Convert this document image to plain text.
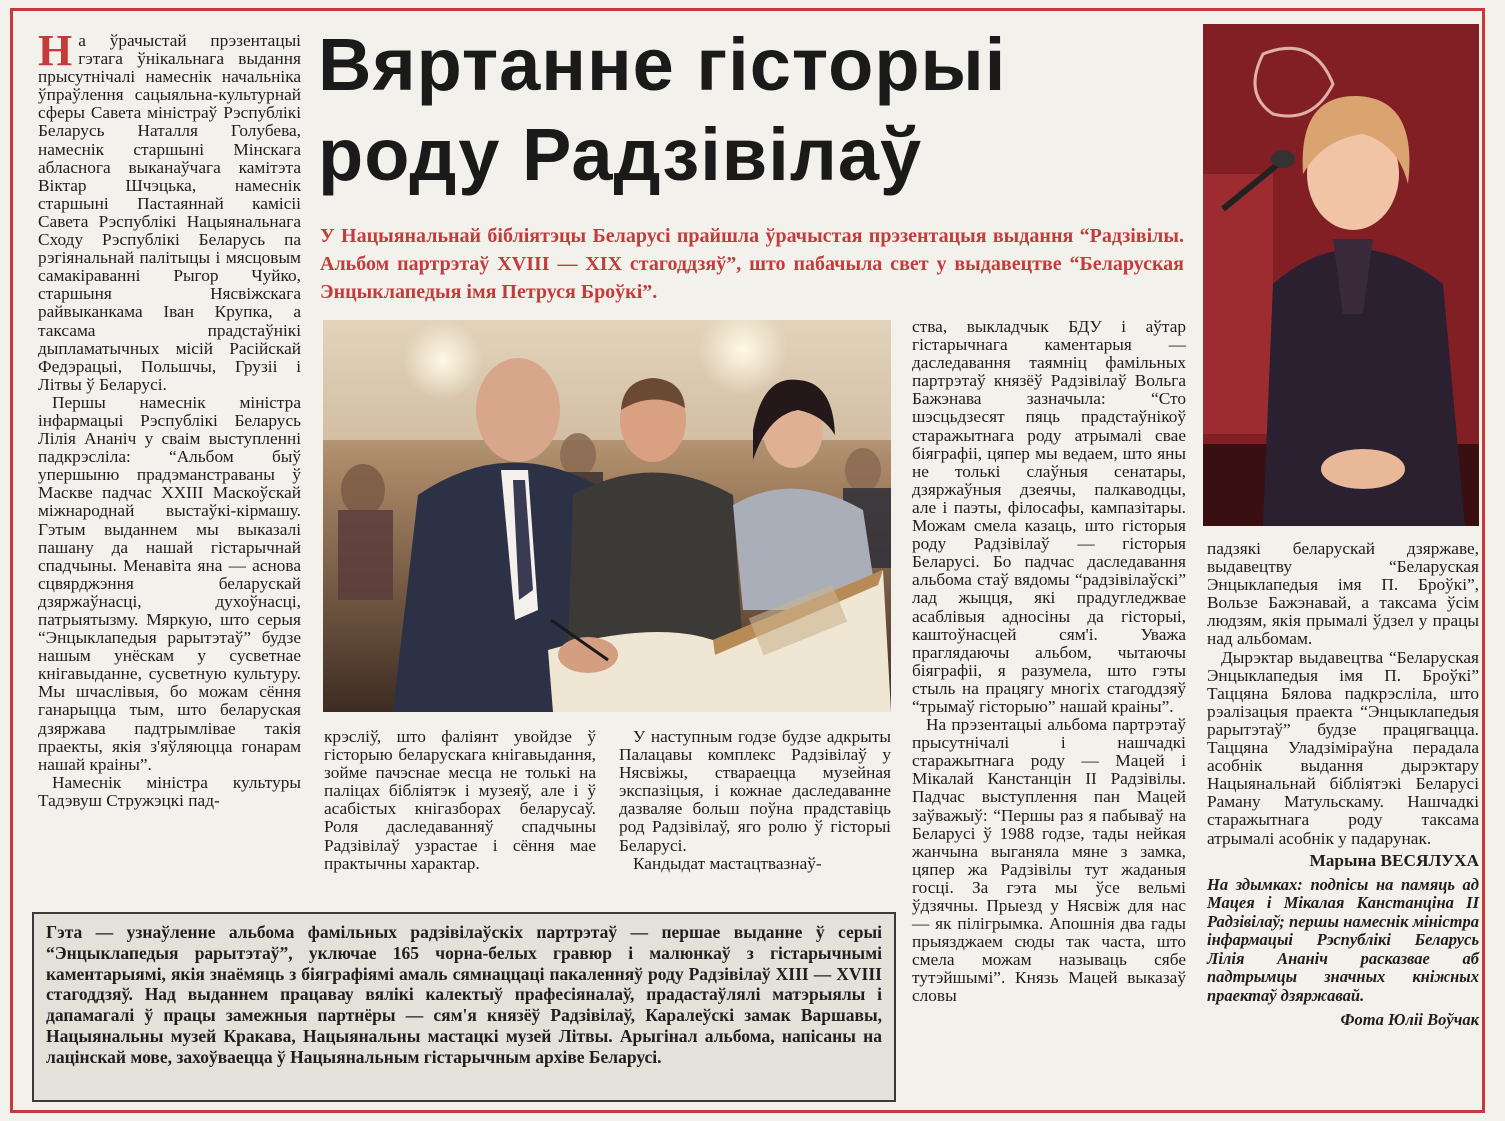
На ўрачыстай прэзентацыі гэтага ўнікальнага выдання прысутнічалі намеснік начальніка ўпраўлення сацыяльна-культурнай сферы Савета міністраў Рэспублікі Беларусь Наталля Голубева, намеснік старшыні Мінскага абласнога выканаўчага камітэта Віктар Шчэцька, намеснік старшыні Пастаяннай камісіі Савета Рэспублікі Нацыянальнага Сходу Рэспублікі Беларусь па рэгіянальнай палітыцы і мясцовым самакіраванні Рыгор Чуйко, старшыня Нясвіжскага райвыканкама Іван Крупка, а таксама прадстаўнікі дыпламатычных місій Расійскай Федэрацыі, Польшчы, Грузіі і Літвы ў Беларусі.

Першы намеснік міністра інфармацыі Рэспублікі Беларусь Лілія Ананіч у сваім выступленні падкрэсліла: “Альбом быў упершыню прадэманстраваны ў Маскве падчас XXIII Маскоўскай міжнароднай выстаўкі-кірмашу. Гэтым выданнем мы выказалі пашану да нашай гістарычнай спадчыны. Менавіта яна — аснова сцвярджэння беларускай дзяржаўнасці, духоўнасці, патрыятызму. Мяркую, што серыя “Энцыклапедыя рарытэтаў” будзе нашым унёскам у сусветнае кнігавыданне, сусветную культуру. Мы шчаслівыя, бо можам сёння ганарыцца тым, што беларуская дзяржава падтрымлівае такія праекты, якія з'яўляюцца гонарам нашай краіны”.

Намеснік міністра культуры Тадэвуш Стружэцкі пад-

Вяртанне гісторыі
роду Радзівілаў
У Нацыянальнай бібліятэцы Беларусі прайшла ўрачыстая прэзентацыя выдання “Радзівілы. Альбом партрэтаў XVIII — XIX стагоддзяў”, што пабачыла свет у выдавецтве “Беларуская Энцыклапедыя імя Петруся Броўкі”.

крэсліў, што фаліянт увойдзе ў гісторыю беларускага кнігавыдання, зойме пачэснае месца не толькі на паліцах бібліятэк і музеяў, але і ў асабістых кнігазборах беларусаў. Роля даследаванняў спадчыны Радзівілаў узрастае і сёння мае практычны характар.

У наступным годзе будзе адкрыты Палацавы комплекс Радзівілаў у Нясвіжы, ствараецца музейная экспазіцыя, і кожнае даследаванне дазваляе больш поўна прадставіць род Радзівілаў, яго ролю ў гісторыі Беларусі.

Кандыдат мастацтвазнаў-

ства, выкладчык БДУ і аўтар гістарычнага каментарыя — даследавання таямніц фамільных партрэтаў князёў Радзівілаў Вольга Бажэнава зазначыла: “Сто шэсцьдзесят пяць прадстаўнікоў старажытнага роду атрымалі свае біяграфіі, цяпер мы ведаем, што яны не толькі слаўныя сенатары, дзяржаўныя дзеячы, палкаводцы, але і паэты, філосафы, кампазітары. Можам смела казаць, што гісторыя роду Радзівілаў — гісторыя Беларусі. Бо падчас даследавання альбома стаў вядомы “радзівілаўскі” лад жыцця, які прадугледжвае асаблівыя адносіны да гісторыі, каштоўнасцей сям'і. Уважа праглядаючы альбом, чытаючы біяграфіі, я разумела, што гэты стыль на працягу многіх стагоддзяў “трымаў гісторыю” нашай краіны”.

На прэзентацыі альбома партрэтаў прысутнічалі і нашчадкі старажытнага роду — Мацей і Мікалай Канстанцін II Радзівілы. Падчас выступлення пан Мацей заўважыў: “Першы раз я пабываў на Беларусі ў 1988 годзе, тады нейкая жанчына выганяла мяне з замка, цяпер жа Радзівілы тут жаданыя госці. За гэта мы ўсе вельмі ўдзячны. Прыезд у Нясвіж для нас — як пілігрымка. Апошнія два гады прыязджаем сюды так часта, што смела можам называць сябе тутэйшымі”. Князь Мацей выказаў словы

падзякі беларускай дзяржаве, выдавецтву “Беларуская Энцыклапедыя імя П. Броўкі”, Вользе Бажэнавай, а таксама ўсім людзям, якія прымалі ўдзел у працы над альбомам.

Дырэктар выдавецтва “Беларуская Энцыклапедыя імя П. Броўкі” Таццяна Бялова падкрэсліла, што рэалізацыя праекта “Энцыклапедыя рарытэтаў” будзе працягвацца. Таццяна Уладзіміраўна перадала асобнік выдання дырэктару Нацыянальнай бібліятэкі Беларусі Раману Матульскаму. Нашчадкі старажытнага роду таксама атрымалі асобнік у падарунак.

Марына ВЕСЯЛУХА
На здымках: подпісы на памяць ад Мацея і Мікалая Канстанціна II Радзівілаў; першы намеснік міністра інфармацыі Рэспублікі Беларусь Лілія Ананіч расказвае аб падтрымцы значных кніжных праектаў дзяржавай.
Фота Юліі Воўчак
Гэта — узнаўленне альбома фамільных радзівілаўскіх партрэтаў — першае выданне ў серыі “Энцыклапедыя рарытэтаў”, уключае 165 чорна-белых гравюр і малюнкаў з гістарычнымі каментарыямі, якія знаёмяць з біяграфіямі амаль сямнаццаці пакаленняў роду Радзівілаў XIII — XVIII стагоддзяў. Над выданнем працавау вялікі калектыў прафесіяналаў, прадастаўлялі матэрыялы і дапамагалі ў працы замежныя партнёры — сям'я князёў Радзівілаў, Каралеўскі замак Варшавы, Нацыянальны музей Кракава, Нацыянальны мастацкі музей Літвы. Арыгінал альбома, напісаны на лацінскай мове, захоўваецца ў Нацыянальным гістарычным архіве Беларусі.
